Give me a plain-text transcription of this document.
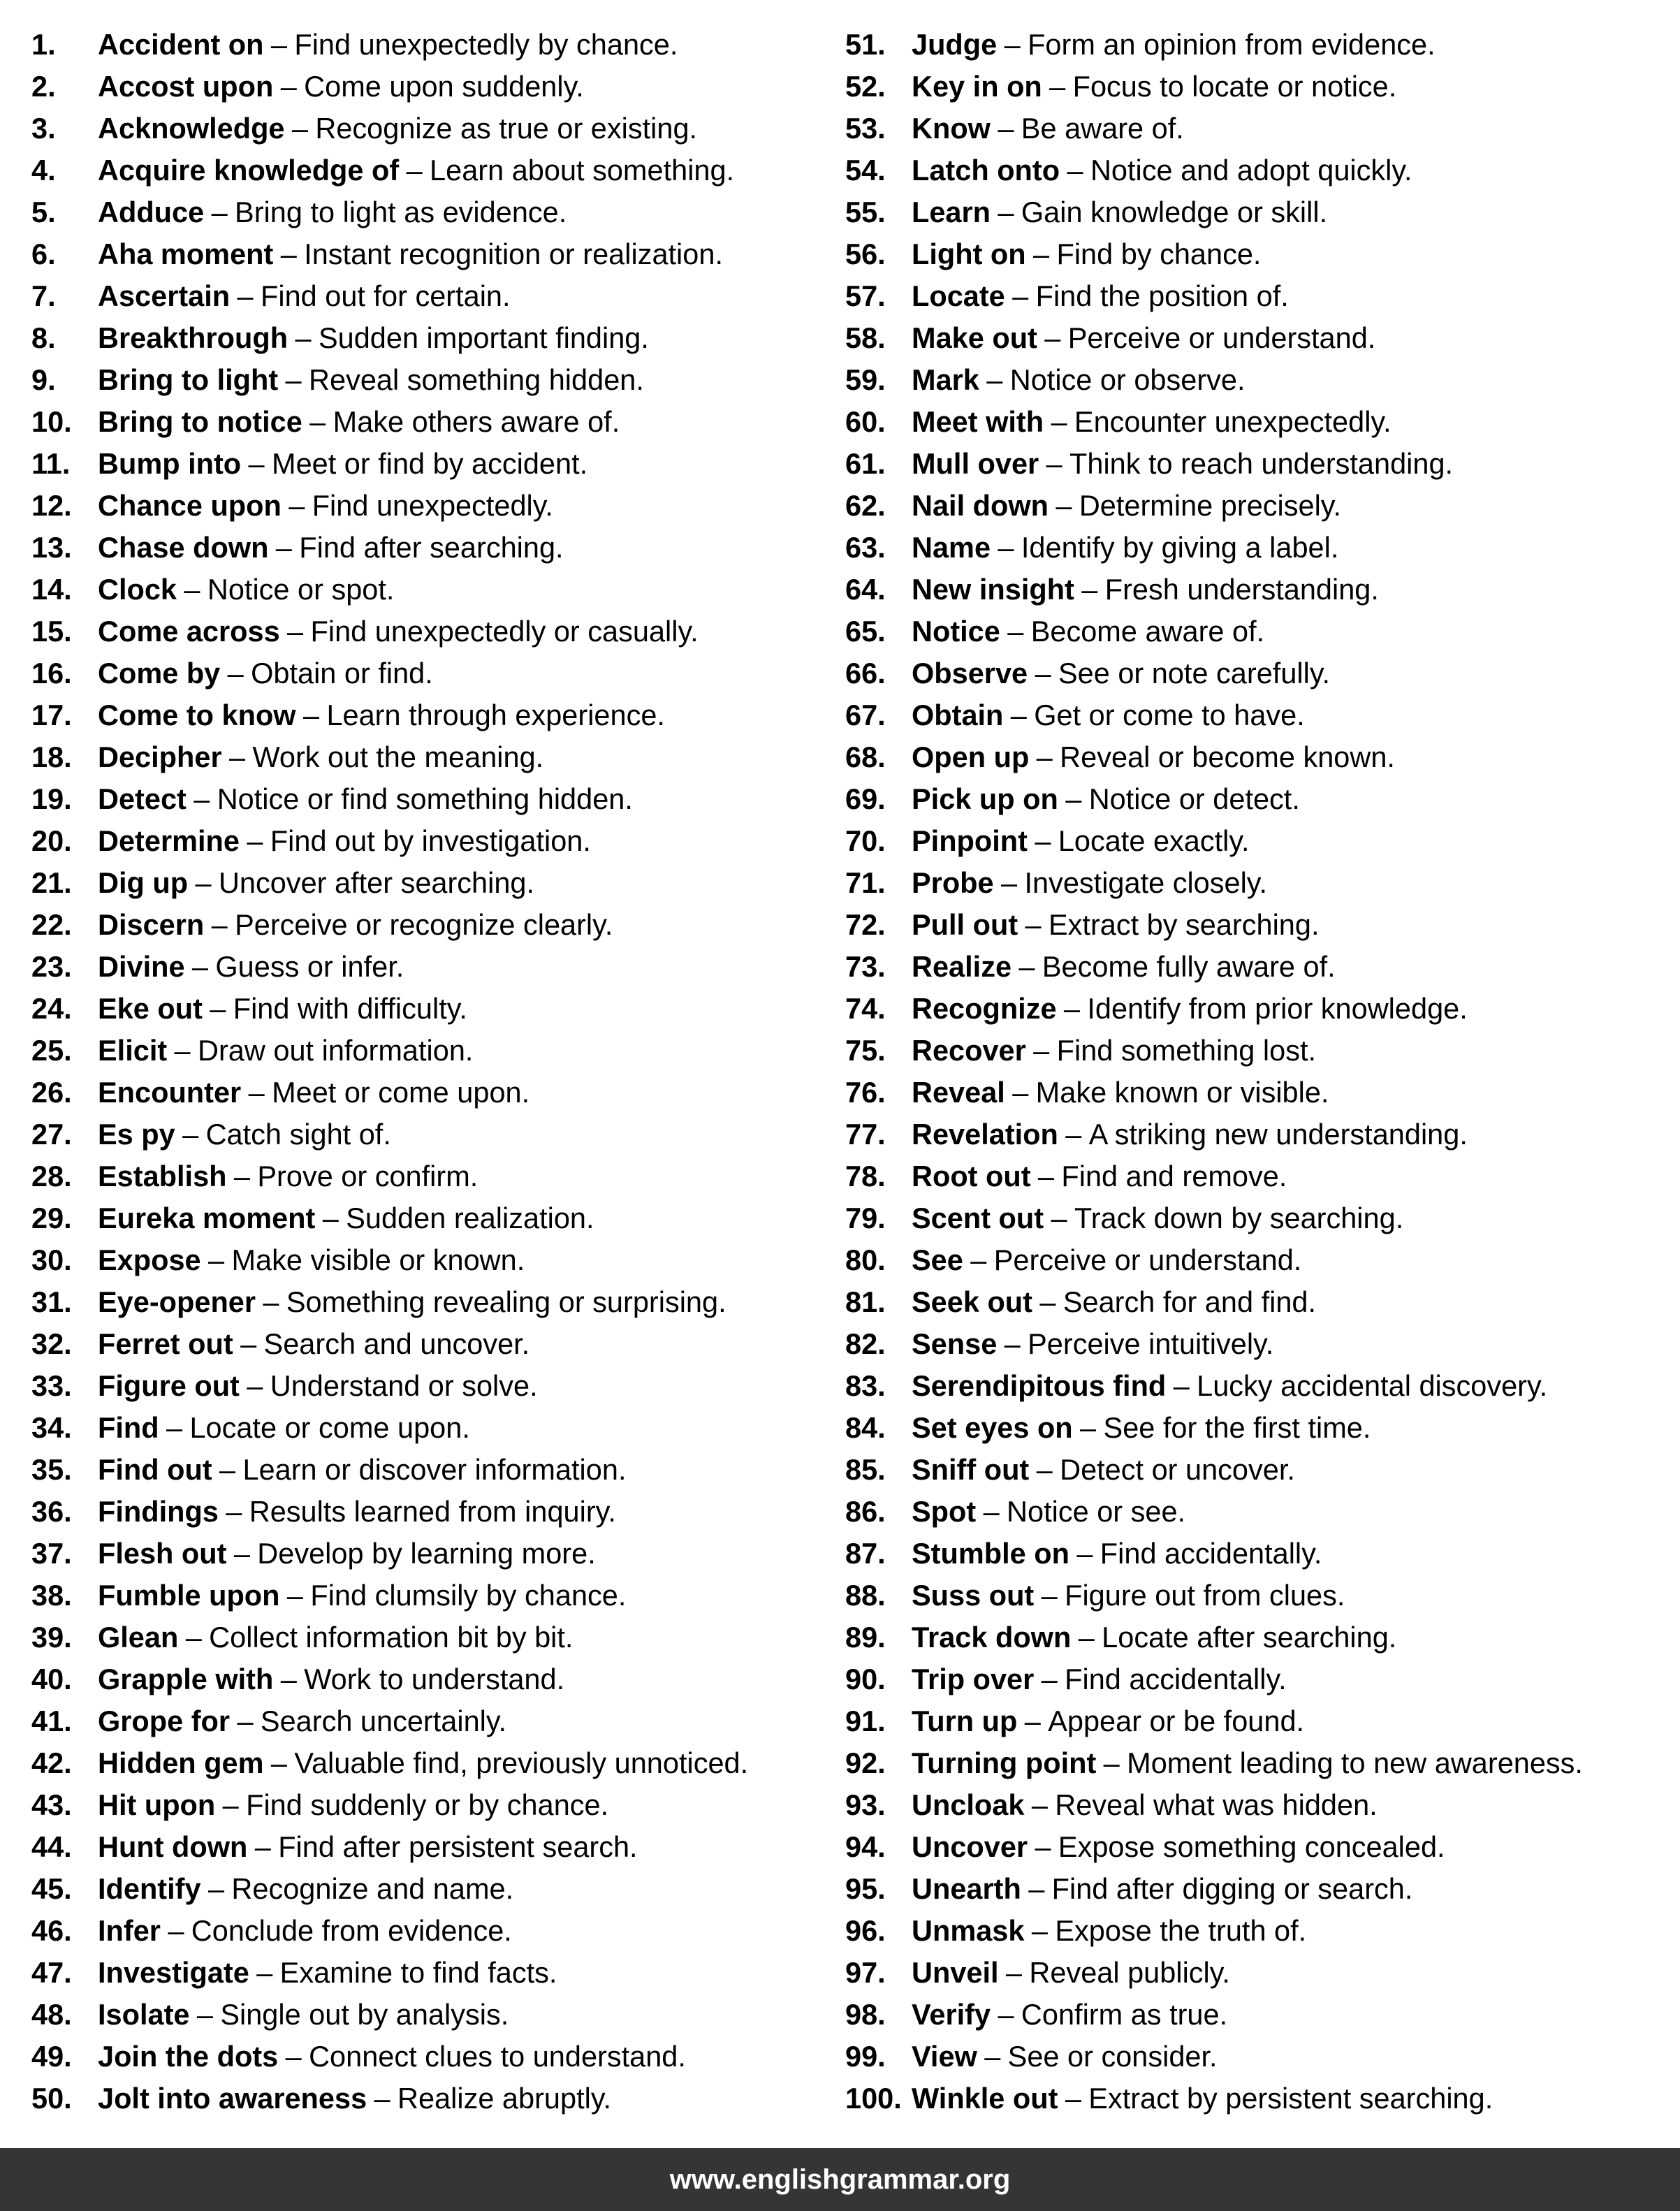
1.	Accident on – Find unexpectedly by chance.
2.	Accost upon – Come upon suddenly.
3.	Acknowledge – Recognize as true or existing.
4.	Acquire knowledge of – Learn about something.
5.	Adduce – Bring to light as evidence.
6.	Aha moment – Instant recognition or realization.
7.	Ascertain – Find out for certain.
8.	Breakthrough – Sudden important finding.
9.	Bring to light – Reveal something hidden.
10. Bring to notice – Make others aware of.
11. Bump into – Meet or find by accident.
12. Chance upon – Find unexpectedly.
13. Chase down – Find after searching.
14. Clock – Notice or spot.
15. Come across – Find unexpectedly or casually.
16. Come by – Obtain or find.
17. Come to know – Learn through experience.
18. Decipher – Work out the meaning.
19. Detect – Notice or find something hidden.
20. Determine – Find out by investigation.
21. Dig up – Uncover after searching.
22. Discern – Perceive or recognize clearly.
23. Divine – Guess or infer.
24. Eke out – Find with difficulty.
25. Elicit – Draw out information.
26. Encounter – Meet or come upon.
27. Es py – Catch sight of.
28. Establish – Prove or confirm.
29. Eureka moment – Sudden realization.
30. Expose – Make visible or known.
31. Eye-opener – Something revealing or surprising.
32. Ferret out – Search and uncover.
33. Figure out – Understand or solve.
34. Find – Locate or come upon.
35. Find out – Learn or discover information.
36. Findings – Results learned from inquiry.
37. Flesh out – Develop by learning more.
38. Fumble upon – Find clumsily by chance.
39. Glean – Collect information bit by bit.
40. Grapple with – Work to understand.
41. Grope for – Search uncertainly.
42. Hidden gem – Valuable find, previously unnoticed.
43. Hit upon – Find suddenly or by chance.
44. Hunt down – Find after persistent search.
45. Identify – Recognize and name.
46. Infer – Conclude from evidence.
47. Investigate – Examine to find facts.
48. Isolate – Single out by analysis.
49. Join the dots – Connect clues to understand.
50. Jolt into awareness – Realize abruptly.
51. Judge – Form an opinion from evidence.
52. Key in on – Focus to locate or notice.
53. Know – Be aware of.
54. Latch onto – Notice and adopt quickly.
55. Learn – Gain knowledge or skill.
56. Light on – Find by chance.
57. Locate – Find the position of.
58. Make out – Perceive or understand.
59. Mark – Notice or observe.
60. Meet with – Encounter unexpectedly.
61. Mull over – Think to reach understanding.
62. Nail down – Determine precisely.
63. Name – Identify by giving a label.
64. New insight – Fresh understanding.
65. Notice – Become aware of.
66. Observe – See or note carefully.
67. Obtain – Get or come to have.
68. Open up – Reveal or become known.
69. Pick up on – Notice or detect.
70. Pinpoint – Locate exactly.
71. Probe – Investigate closely.
72. Pull out – Extract by searching.
73. Realize – Become fully aware of.
74. Recognize – Identify from prior knowledge.
75. Recover – Find something lost.
76. Reveal – Make known or visible.
77. Revelation – A striking new understanding.
78. Root out – Find and remove.
79. Scent out – Track down by searching.
80. See – Perceive or understand.
81. Seek out – Search for and find.
82. Sense – Perceive intuitively.
83. Serendipitous find – Lucky accidental discovery.
84. Set eyes on – See for the first time.
85. Sniff out – Detect or uncover.
86. Spot – Notice or see.
87. Stumble on – Find accidentally.
88. Suss out – Figure out from clues.
89. Track down – Locate after searching.
90. Trip over – Find accidentally.
91. Turn up – Appear or be found.
92. Turning point – Moment leading to new awareness.
93. Uncloak – Reveal what was hidden.
94. Uncover – Expose something concealed.
95. Unearth – Find after digging or search.
96. Unmask – Expose the truth of.
97. Unveil – Reveal publicly.
98. Verify – Confirm as true.
99. View – See or consider.
100. Winkle out – Extract by persistent searching.
www.englishgrammar.org
